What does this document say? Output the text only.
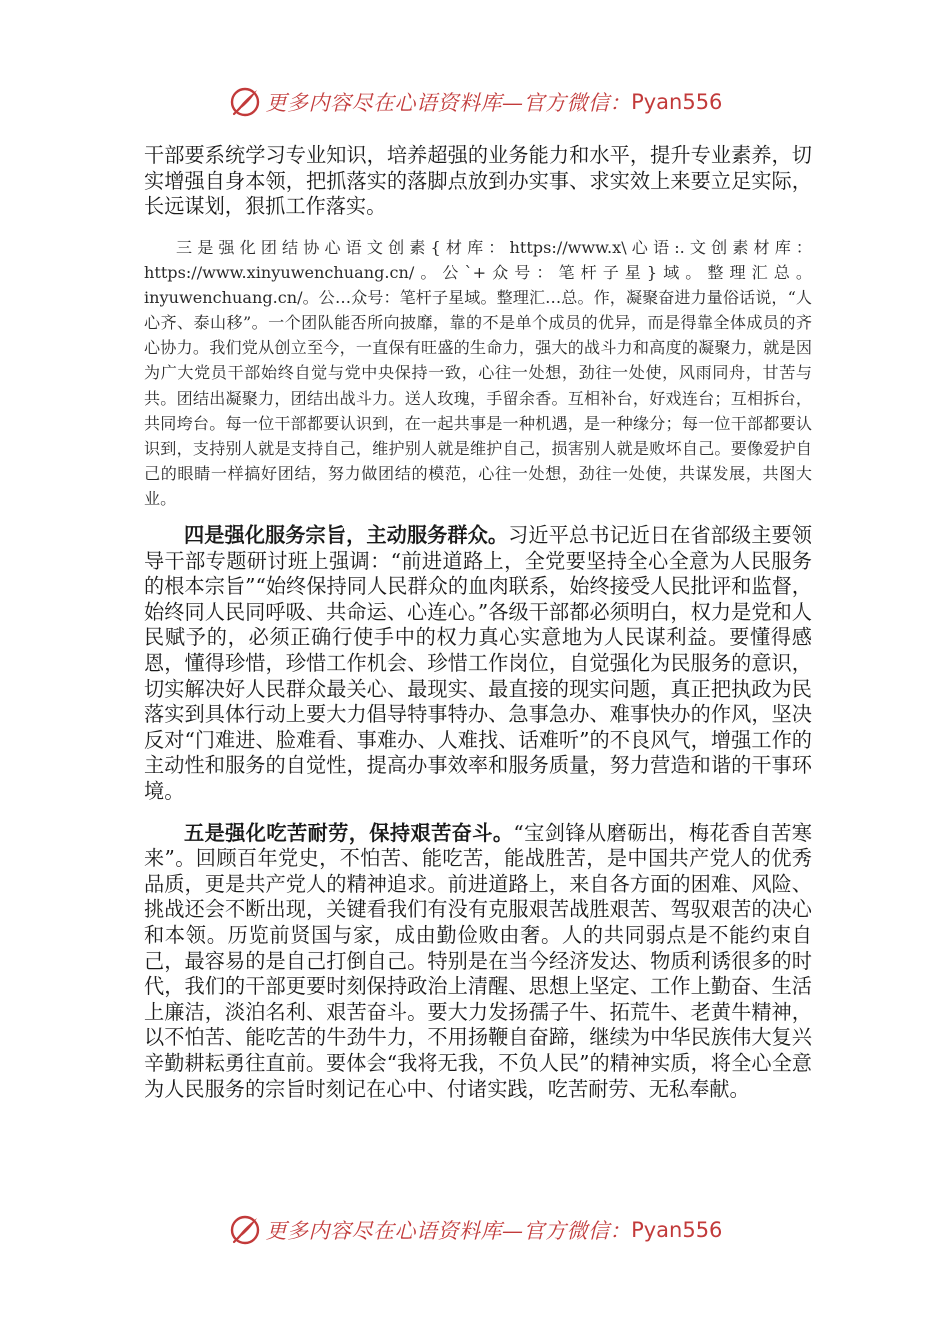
更多内容尽在心语资料库—官方微信： Pyan556

干部要系统学习专业知识，培养超强的业务能力和水平，提升专业素养，切实增强自身本领，把抓落实的落脚点放到办实事、求实效上来要立足实际，长远谋划，狠抓工作落实。

三是强化团结协心语文创素{材库：https://www.x\心语:.文创素材库：https://www.xinyuwenchuang.cn/。公`+众号：笔杆子星}域。整理汇总。inyuwenchuang.cn/。公…众号：笔杆子星域。整理汇…总。作，凝聚奋进力量俗话说，“人心齐、泰山移”。一个团队能否所向披靡，靠的不是单个成员的优异，而是得靠全体成员的齐心协力。我们党从创立至今，一直保有旺盛的生命力，强大的战斗力和高度的凝聚力，就是因为广大党员干部始终自觉与党中央保持一致，心往一处想，劲往一处使，风雨同舟，甘苦与共。团结出凝聚力，团结出战斗力。送人玫瑰，手留余香。互相补台，好戏连台；互相拆台，共同垮台。每一位干部都要认识到，在一起共事是一种机遇，是一种缘分；每一位干部都要认识到，支持别人就是支持自己，维护别人就是维护自己，损害别人就是败坏自己。要像爱护自己的眼睛一样搞好团结，努力做团结的模范，心往一处想，劲往一处使，共谋发展，共图大业。

四是强化服务宗旨，主动服务群众。习近平总书记近日在省部级主要领导干部专题研讨班上强调：“前进道路上，全党要坚持全心全意为人民服务的根本宗旨”“始终保持同人民群众的血肉联系，始终接受人民批评和监督，始终同人民同呼吸、共命运、心连心。”各级干部都必须明白，权力是党和人民赋予的，必须正确行使手中的权力真心实意地为人民谋利益。要懂得感恩，懂得珍惜，珍惜工作机会、珍惜工作岗位，自觉强化为民服务的意识，切实解决好人民群众最关心、最现实、最直接的现实问题，真正把执政为民落实到具体行动上要大力倡导特事特办、急事急办、难事快办的作风，坚决反对“门难进、脸难看、事难办、人难找、话难听”的不良风气，增强工作的主动性和服务的自觉性，提高办事效率和服务质量，努力营造和谐的干事环境。

五是强化吃苦耐劳，保持艰苦奋斗。“宝剑锋从磨砺出，梅花香自苦寒来”。回顾百年党史，不怕苦、能吃苦，能战胜苦，是中国共产党人的优秀品质，更是共产党人的精神追求。前进道路上，来自各方面的困难、风险、挑战还会不断出现，关键看我们有没有克服艰苦战胜艰苦、驾驭艰苦的决心和本领。历览前贤国与家，成由勤俭败由奢。人的共同弱点是不能约束自己，最容易的是自己打倒自己。特别是在当今经济发达、物质利诱很多的时代，我们的干部更要时刻保持政治上清醒、思想上坚定、工作上勤奋、生活上廉洁，淡泊名利、艰苦奋斗。要大力发扬孺子牛、拓荒牛、老黄牛精神，以不怕苦、能吃苦的牛劲牛力，不用扬鞭自奋蹄，继续为中华民族伟大复兴辛勤耕耘勇往直前。要体会“我将无我，不负人民”的精神实质，将全心全意为人民服务的宗旨时刻记在心中、付诸实践，吃苦耐劳、无私奉献。

更多内容尽在心语资料库—官方微信： Pyan556
